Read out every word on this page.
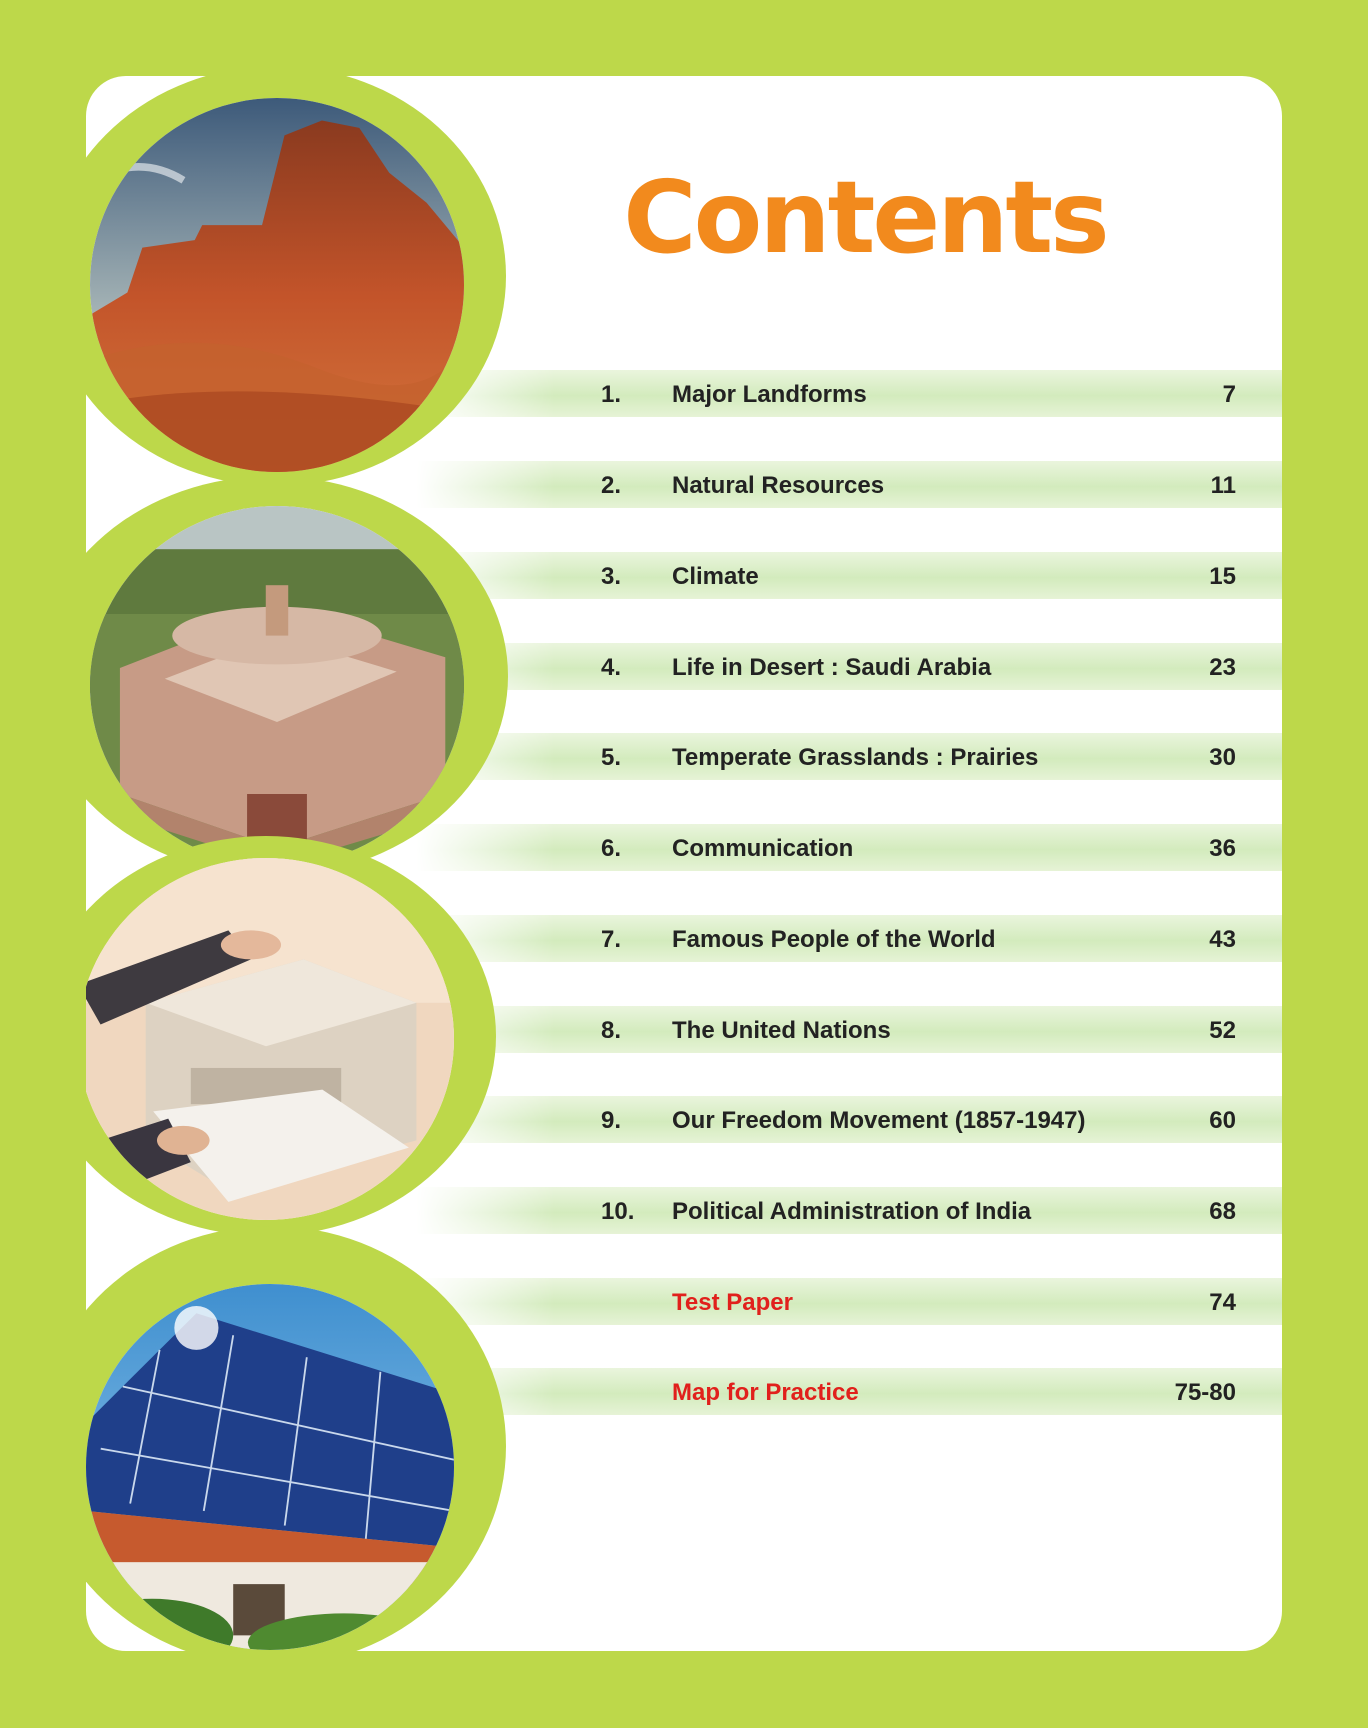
Contents
1. Major Landforms	7
2. Natural Resources	11
3. Climate	15
4. Life in Desert : Saudi Arabia	23
5. Temperate Grasslands : Prairies	30
6. Communication	36
7. Famous People of the World	43
8. The United Nations	52
9. Our Freedom Movement (1857-1947)	60
10. Political Administration of India	68
Test Paper	74
Map for Practice	75-80
